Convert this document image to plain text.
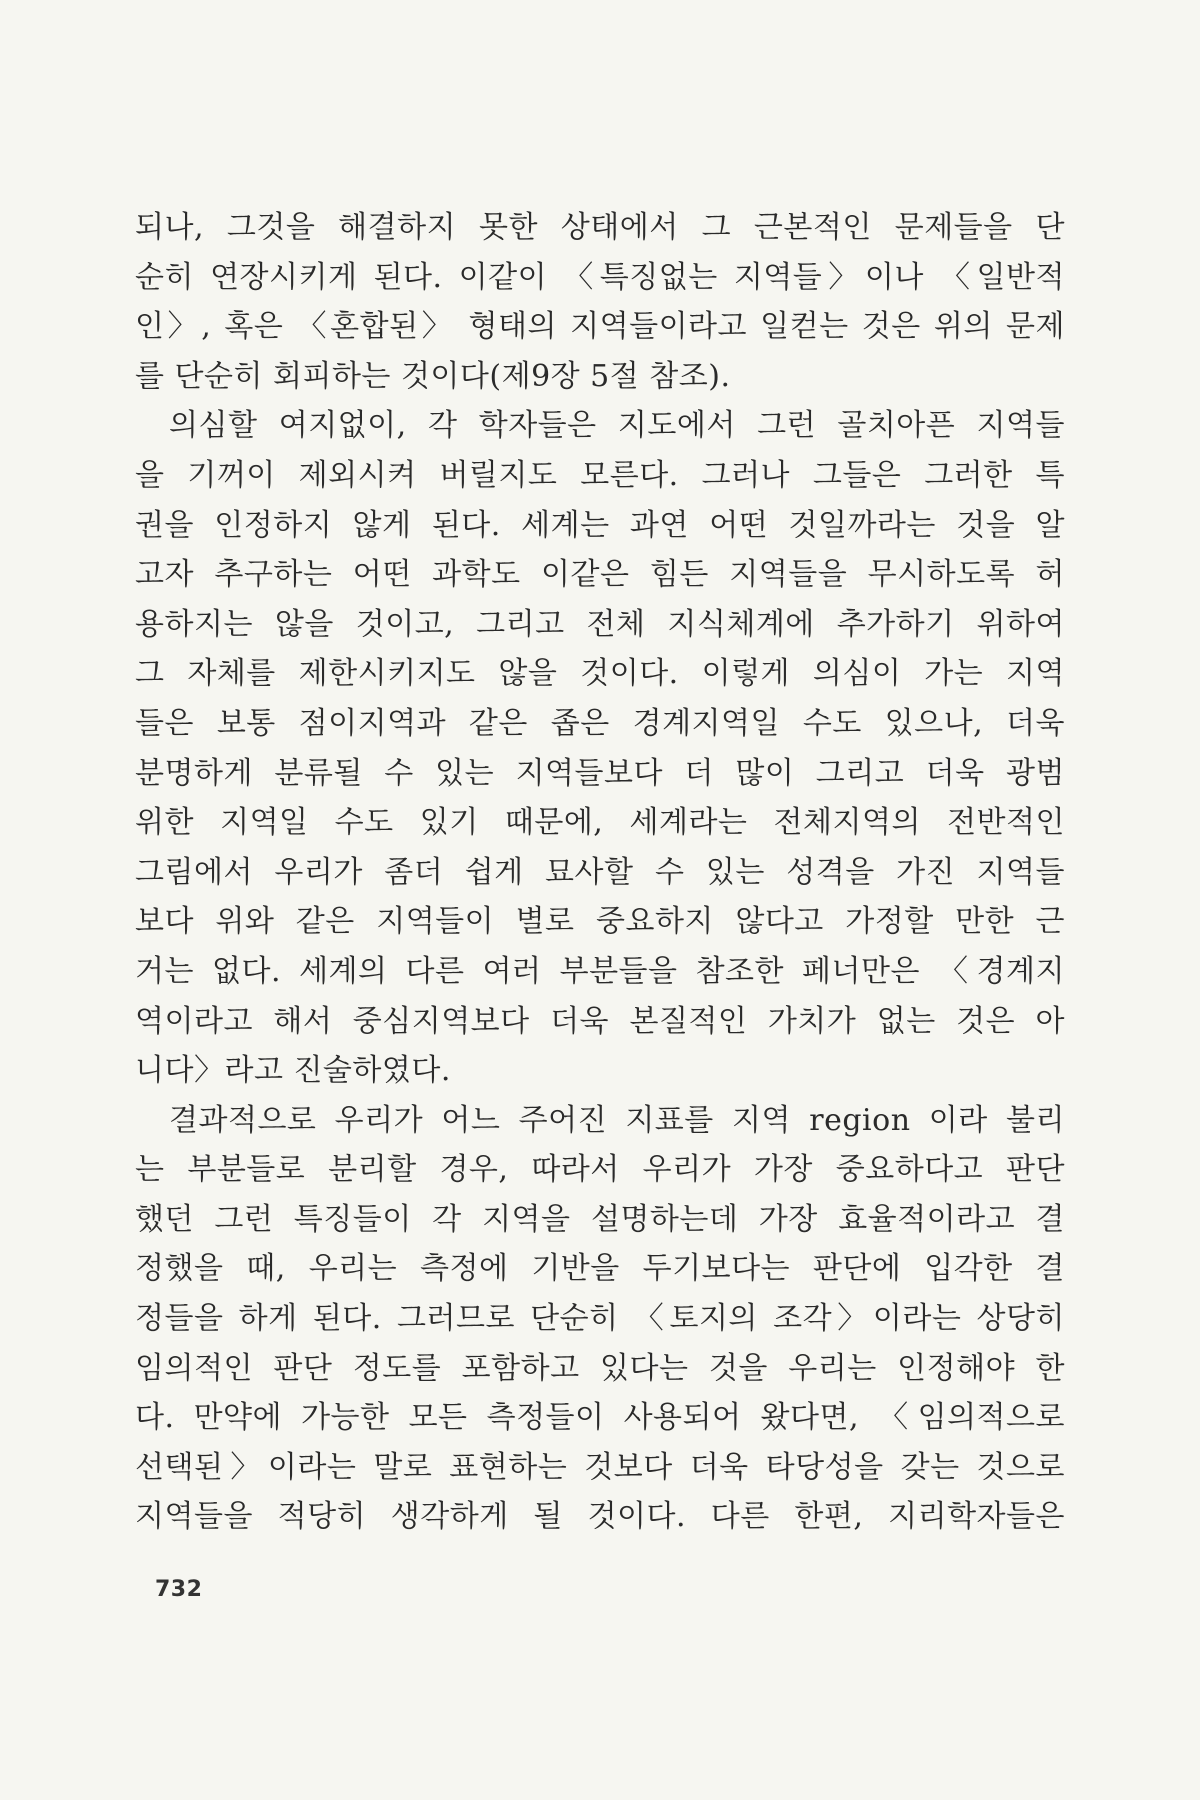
되나, 그것을 해결하지 못한 상태에서 그 근본적인 문제들을 단
순히 연장시키게 된다. 이같이 〈특징없는 지역들〉이나 〈일반적
인〉, 혹은 〈혼합된〉 형태의 지역들이라고 일컫는 것은 위의 문제
를 단순히 회피하는 것이다(제9장 5절 참조).
의심할 여지없이, 각 학자들은 지도에서 그런 골치아픈 지역들
을 기꺼이 제외시켜 버릴지도 모른다. 그러나 그들은 그러한 특
권을 인정하지 않게 된다. 세계는 과연 어떤 것일까라는 것을 알
고자 추구하는 어떤 과학도 이같은 힘든 지역들을 무시하도록 허
용하지는 않을 것이고, 그리고 전체 지식체계에 추가하기 위하여
그 자체를 제한시키지도 않을 것이다. 이렇게 의심이 가는 지역
들은 보통 점이지역과 같은 좁은 경계지역일 수도 있으나, 더욱
분명하게 분류될 수 있는 지역들보다 더 많이 그리고 더욱 광범
위한 지역일 수도 있기 때문에, 세계라는 전체지역의 전반적인
그림에서 우리가 좀더 쉽게 묘사할 수 있는 성격을 가진 지역들
보다 위와 같은 지역들이 별로 중요하지 않다고 가정할 만한 근
거는 없다. 세계의 다른 여러 부분들을 참조한 페너만은 〈경계지
역이라고 해서 중심지역보다 더욱 본질적인 가치가 없는 것은 아
니다〉라고 진술하였다.
결과적으로 우리가 어느 주어진 지표를 지역 region 이라 불리
는 부분들로 분리할 경우, 따라서 우리가 가장 중요하다고 판단
했던 그런 특징들이 각 지역을 설명하는데 가장 효율적이라고 결
정했을 때, 우리는 측정에 기반을 두기보다는 판단에 입각한 결
정들을 하게 된다. 그러므로 단순히 〈토지의 조각〉이라는 상당히
임의적인 판단 정도를 포함하고 있다는 것을 우리는 인정해야 한
다. 만약에 가능한 모든 측정들이 사용되어 왔다면, 〈임의적으로
선택된〉이라는 말로 표현하는 것보다 더욱 타당성을 갖는 것으로
지역들을 적당히 생각하게 될 것이다. 다른 한편, 지리학자들은
732
